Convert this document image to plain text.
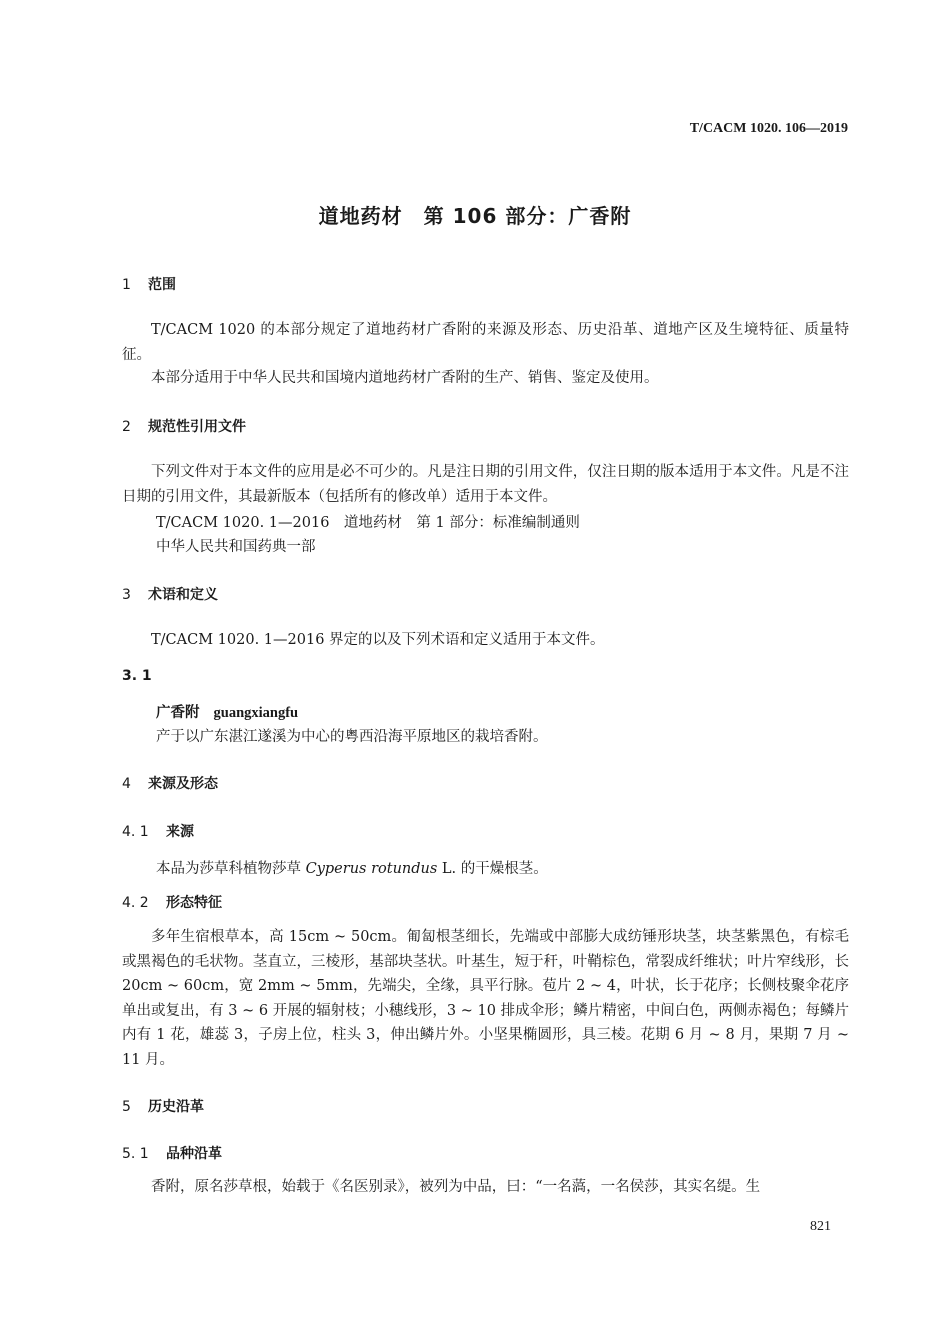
T/CACM 1020. 106—2019
道地药材　第 106 部分：广香附
1 范围
T/CACM 1020 的本部分规定了道地药材广香附的来源及形态、历史沿革、道地产区及生境特征、质量特征。
本部分适用于中华人民共和国境内道地药材广香附的生产、销售、鉴定及使用。
2 规范性引用文件
下列文件对于本文件的应用是必不可少的。凡是注日期的引用文件，仅注日期的版本适用于本文件。凡是不注日期的引用文件，其最新版本（包括所有的修改单）适用于本文件。
T/CACM 1020. 1—2016　道地药材　第 1 部分：标准编制通则
中华人民共和国药典一部
3 术语和定义
T/CACM 1020. 1—2016 界定的以及下列术语和定义适用于本文件。
3. 1
广香附 guangxiangfu
产于以广东湛江遂溪为中心的粤西沿海平原地区的栽培香附。
4 来源及形态
4. 1 来源
本品为莎草科植物莎草 Cyperus rotundus L. 的干燥根茎。
4. 2 形态特征
多年生宿根草本，高 15cm ~ 50cm。匍匐根茎细长，先端或中部膨大成纺锤形块茎，块茎紫黑色，有棕毛或黑褐色的毛状物。茎直立，三棱形，基部块茎状。叶基生，短于秆，叶鞘棕色，常裂成纤维状；叶片窄线形，长 20cm ~ 60cm，宽 2mm ~ 5mm，先端尖，全缘，具平行脉。苞片 2 ~ 4，叶状，长于花序；长侧枝聚伞花序单出或复出，有 3 ~ 6 开展的辐射枝；小穗线形，3 ~ 10 排成伞形；鳞片精密，中间白色，两侧赤褐色；每鳞片内有 1 花，雄蕊 3，子房上位，柱头 3，伸出鳞片外。小坚果椭圆形，具三棱。花期 6 月 ~ 8 月，果期 7 月 ~ 11 月。
5 历史沿革
5. 1 品种沿革
香附，原名莎草根，始载于《名医别录》，被列为中品，曰：“一名薃，一名侯莎，其实名缇。生
821
